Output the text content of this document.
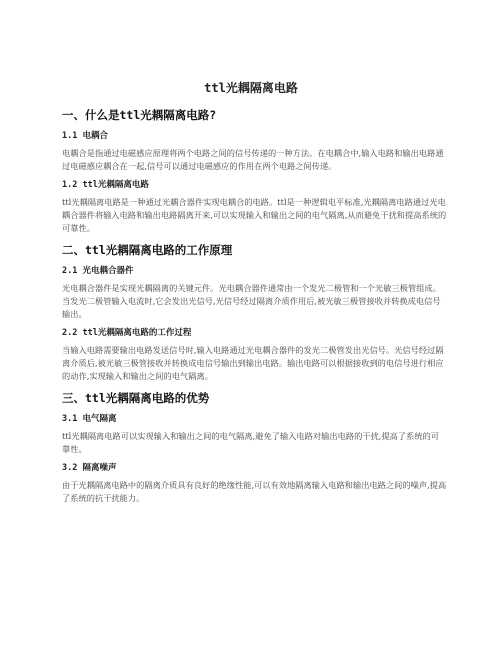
ttl光耦隔离电路
一、什么是ttl光耦隔离电路?
1.1 电耦合

电耦合是指通过电磁感应原理将两个电路之间的信号传递的一种方法。在电耦合中,输入电路和输出电路通过电磁感应耦合在一起,信号可以通过电磁感应的作用在两个电路之间传递。

1.2 ttl光耦隔离电路

ttl光耦隔离电路是一种通过光耦合器件实现电耦合的电路。ttl是一种逻辑电平标准,光耦隔离电路通过光电耦合器件将输入电路和输出电路隔离开来,可以实现输入和输出之间的电气隔离,从而避免干扰和提高系统的可靠性。

二、ttl光耦隔离电路的工作原理
2.1 光电耦合器件

光电耦合器件是实现光耦隔离的关键元件。光电耦合器件通常由一个发光二极管和一个光敏三极管组成。当发光二极管输入电流时,它会发出光信号,光信号经过隔离介质作用后,被光敏三极管接收并转换成电信号输出。

2.2 ttl光耦隔离电路的工作过程

当输入电路需要输出电路发送信号时,输入电路通过光电耦合器件的发光二极管发出光信号。光信号经过隔离介质后,被光敏三极管接收并转换成电信号输出到输出电路。输出电路可以根据接收到的电信号进行相应的动作,实现输入和输出之间的电气隔离。

三、ttl光耦隔离电路的优势
3.1 电气隔离

ttl光耦隔离电路可以实现输入和输出之间的电气隔离,避免了输入电路对输出电路的干扰,提高了系统的可靠性。

3.2 隔离噪声

由于光耦隔离电路中的隔离介质具有良好的绝缘性能,可以有效地隔离输入电路和输出电路之间的噪声,提高了系统的抗干扰能力。
